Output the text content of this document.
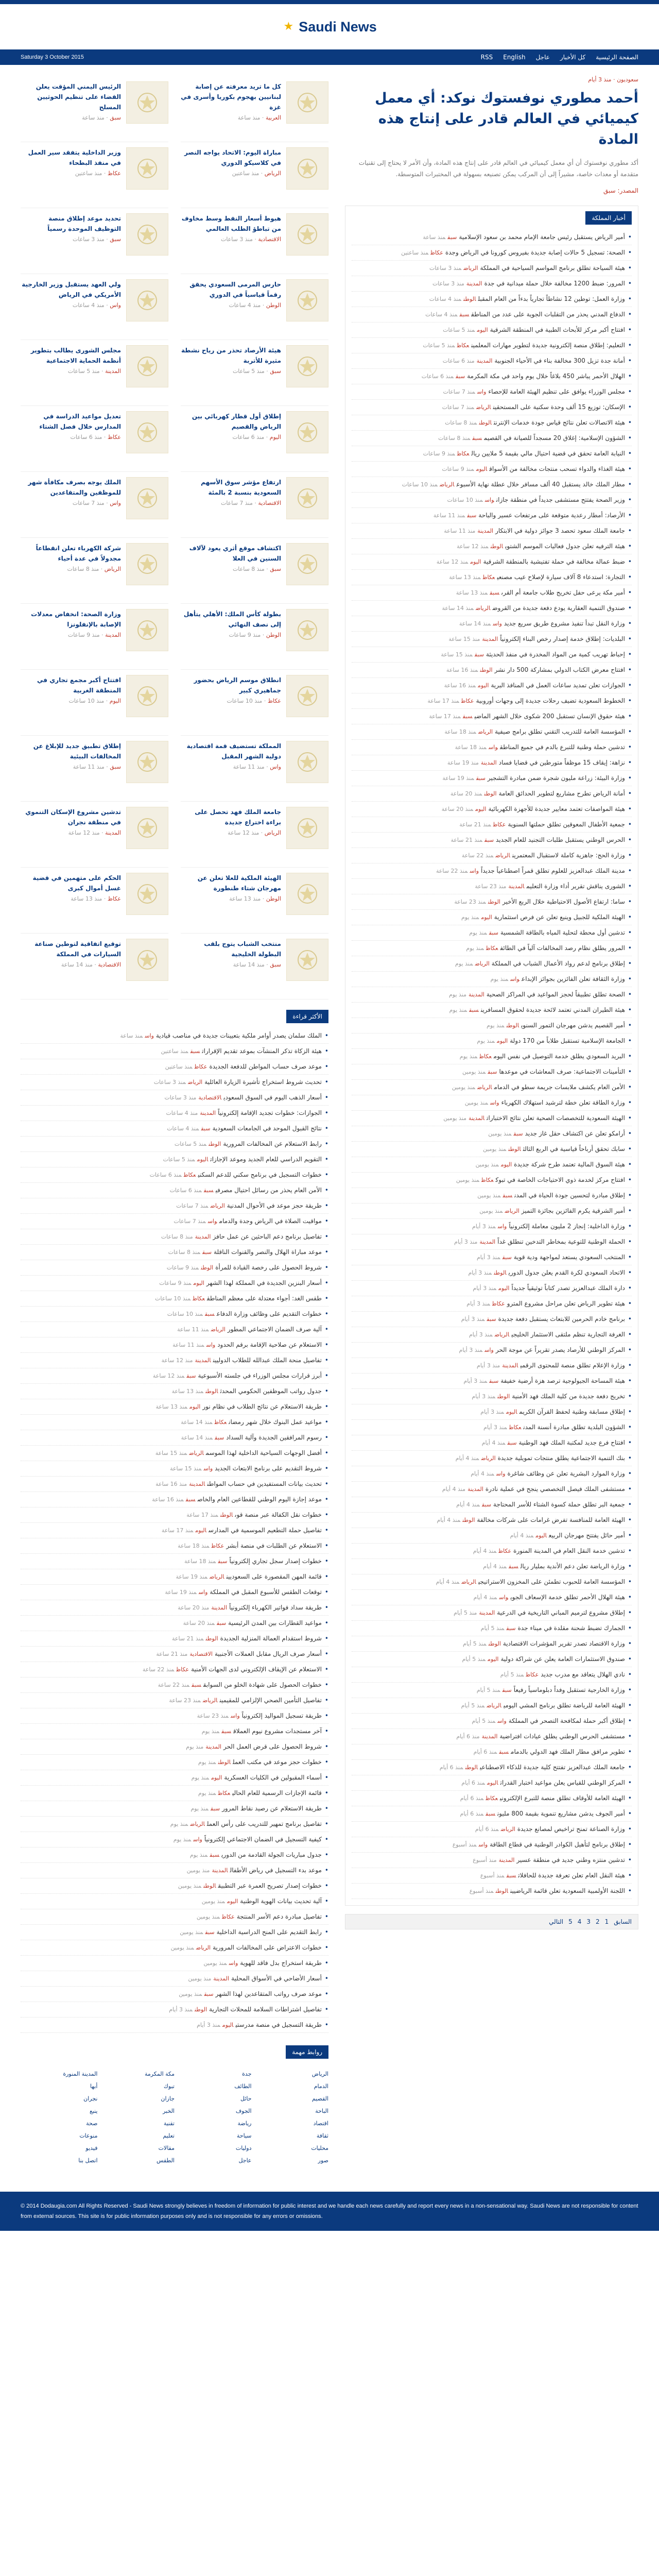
Saudi News
★
الصفحة الرئيسية
كل الأخبار
عاجل
English
RSS
Saturday 3 October 2015
سعوديون · منذ 3 أيام
أحمد مطوري نوفستوك نوكد: أي معمل كيميائي في العالم قادر على إنتاج هذه المادة

أكد مطوري نوفستوك أن أي معمل كيميائي في العالم قادر على إنتاج هذه المادة، وأن الأمر لا يحتاج إلى تقنيات متقدمة أو معدات خاصة، مشيراً إلى أن المركب يمكن تصنيعه بسهولة في المختبرات المتوسطة.

المصدر: سبق
أخبار المملكة
•أمير الرياض يستقبل رئيس جامعة الإمام محمد بن سعود الإسلاميةسبقمنذ ساعة
•الصحة: تسجيل 5 حالات إصابة جديدة بفيروس كورونا في الرياض وجدةعكاظمنذ ساعتين
•هيئة السياحة تطلق برنامج المواسم السياحية في المملكةالرياضمنذ 3 ساعات
•المرور: ضبط 1200 مخالفة خلال حملة ميدانية في جدةالمدينةمنذ 3 ساعات
•وزارة العمل: توطين 12 نشاطاً تجارياً بدءاً من العام المقبلالوطنمنذ 4 ساعات
•الدفاع المدني يحذر من التقلبات الجوية على عدد من المناطقسبقمنذ 4 ساعات
•افتتاح أكبر مركز للأبحاث الطبية في المنطقة الشرقيةاليوممنذ 5 ساعات
•التعليم: إطلاق منصة إلكترونية جديدة لتطوير مهارات المعلمينعكاظمنذ 5 ساعات
•أمانة جدة تزيل 300 مخالفة بناء في الأحياء الجنوبيةالمدينةمنذ 6 ساعات
•الهلال الأحمر يباشر 450 بلاغاً خلال يوم واحد في مكة المكرمةسبقمنذ 6 ساعات
•مجلس الوزراء يوافق على تنظيم الهيئة العامة للإحصاءواسمنذ 7 ساعات
•الإسكان: توزيع 15 ألف وحدة سكنية على المستحقينالرياضمنذ 7 ساعات
•هيئة الاتصالات تعلن نتائج قياس جودة خدمات الإنترنتالوطنمنذ 8 ساعات
•الشؤون الإسلامية: إغلاق 20 مسجداً للصيانة في القصيمسبقمنذ 8 ساعات
•النيابة العامة تحقق في قضية احتيال مالي بقيمة 5 ملايين ريالعكاظمنذ 9 ساعات
•هيئة الغذاء والدواء تسحب منتجات مخالفة من الأسواقاليوممنذ 9 ساعات
•مطار الملك خالد يستقبل 40 ألف مسافر خلال عطلة نهاية الأسبوعالرياضمنذ 10 ساعات
•وزير الصحة يفتتح مستشفى جديداً في منطقة جازانواسمنذ 10 ساعات
•الأرصاد: أمطار رعدية متوقعة على مرتفعات عسير والباحةسبقمنذ 11 ساعة
•جامعة الملك سعود تحصد 3 جوائز دولية في الابتكارالمدينةمنذ 11 ساعة
•هيئة الترفيه تعلن جدول فعاليات الموسم الشتويالوطنمنذ 12 ساعة
•ضبط عمالة مخالفة في حملة تفتيشية بالمنطقة الشرقيةاليوممنذ 12 ساعة
•التجارة: استدعاء 8 آلاف سيارة لإصلاح عيب مصنعيعكاظمنذ 13 ساعة
•أمير مكة يرعى حفل تخريج طلاب جامعة أم القرىسبقمنذ 13 ساعة
•صندوق التنمية العقارية يودع دفعة جديدة من القروضالرياضمنذ 14 ساعة
•وزارة النقل تبدأ تنفيذ مشروع طريق سريع جديدواسمنذ 14 ساعة
•البلديات: إطلاق خدمة إصدار رخص البناء إلكترونياًالمدينةمنذ 15 ساعة
•إحباط تهريب كمية من المواد المخدرة في منفذ الحديثةسبقمنذ 15 ساعة
•افتتاح معرض الكتاب الدولي بمشاركة 500 دار نشرالوطنمنذ 16 ساعة
•الجوازات تعلن تمديد ساعات العمل في المنافذ البريةاليوممنذ 16 ساعة
•الخطوط السعودية تضيف رحلات جديدة إلى وجهات أوروبيةعكاظمنذ 17 ساعة
•هيئة حقوق الإنسان تستقبل 200 شكوى خلال الشهر الماضيسبقمنذ 17 ساعة
•المؤسسة العامة للتدريب التقني تطلق برامج صيفيةالرياضمنذ 18 ساعة
•تدشين حملة وطنية للتبرع بالدم في جميع المناطقواسمنذ 18 ساعة
•نزاهة: إيقاف 15 موظفاً متورطين في قضايا فسادالمدينةمنذ 19 ساعة
•وزارة البيئة: زراعة مليون شجرة ضمن مبادرة التشجيرسبقمنذ 19 ساعة
•أمانة الرياض تطرح مشاريع لتطوير الحدائق العامةالوطنمنذ 20 ساعة
•هيئة المواصفات تعتمد معايير جديدة للأجهزة الكهربائيةاليوممنذ 20 ساعة
•جمعية الأطفال المعوقين تطلق حملتها السنويةعكاظمنذ 21 ساعة
•الحرس الوطني يستقبل طلبات التجنيد للعام الجديدسبقمنذ 21 ساعة
•وزارة الحج: جاهزية كاملة لاستقبال المعتمرينالرياضمنذ 22 ساعة
•مدينة الملك عبدالعزيز للعلوم تطلق قمراً اصطناعياً جديداًواسمنذ 22 ساعة
•الشورى يناقش تقرير أداء وزارة التعليمالمدينةمنذ 23 ساعة
•ساما: ارتفاع الأصول الاحتياطية خلال الربع الأخيرالوطنمنذ 23 ساعة
•الهيئة الملكية للجبيل وينبع تعلن عن فرص استثماريةاليوممنذ يوم
•تدشين أول محطة لتحلية المياه بالطاقة الشمسيةسبقمنذ يوم
•المرور يطلق نظام رصد المخالفات آلياً في الطائفعكاظمنذ يوم
•إطلاق برنامج لدعم رواد الأعمال الشباب في المملكةالرياضمنذ يوم
•وزارة الثقافة تعلن الفائزين بجوائز الإبداعواسمنذ يوم
•الصحة تطلق تطبيقاً لحجز المواعيد في المراكز الصحيةالمدينةمنذ يوم
•هيئة الطيران المدني تعتمد لائحة جديدة لحقوق المسافرينسبقمنذ يوم
•أمير القصيم يدشن مهرجان التمور السنويالوطنمنذ يوم
•الجامعة الإسلامية تستقبل طلاباً من 170 دولةاليوممنذ يوم
•البريد السعودي يطلق خدمة التوصيل في نفس اليومعكاظمنذ يوم
•التأمينات الاجتماعية: صرف المعاشات في موعدهاسبقمنذ يومين
•الأمن العام يكشف ملابسات جريمة سطو في الدمامالرياضمنذ يومين
•وزارة الطاقة تعلن خطة لترشيد استهلاك الكهرباءواسمنذ يومين
•الهيئة السعودية للتخصصات الصحية تعلن نتائج الاختباراتالمدينةمنذ يومين
•أرامكو تعلن عن اكتشاف حقل غاز جديدسبقمنذ يومين
•سابك تحقق أرباحاً قياسية في الربع الثالثالوطنمنذ يومين
•هيئة السوق المالية تعتمد طرح شركة جديدةاليوممنذ يومين
•افتتاح مركز لخدمة ذوي الاحتياجات الخاصة في تبوكعكاظمنذ يومين
•إطلاق مبادرة لتحسين جودة الحياة في المدنسبقمنذ يومين
•أمير الشرقية يكرم الفائزين بجائزة التميزالرياضمنذ يومين
•وزارة الداخلية: إنجاز 2 مليون معاملة إلكترونياًواسمنذ 3 أيام
•الحملة الوطنية للتوعية بمخاطر التدخين تنطلق غداًالمدينةمنذ 3 أيام
•المنتخب السعودي يستعد لمواجهة ودية قويةسبقمنذ 3 أيام
•الاتحاد السعودي لكرة القدم يعلن جدول الدوريالوطنمنذ 3 أيام
•دارة الملك عبدالعزيز تصدر كتاباً توثيقياً جديداًاليوممنذ 3 أيام
•هيئة تطوير الرياض تعلن مراحل مشروع المتروعكاظمنذ 3 أيام
•برنامج خادم الحرمين للابتعاث يستقبل دفعة جديدةسبقمنذ 3 أيام
•الغرفة التجارية تنظم ملتقى الاستثمار الخليجيالرياضمنذ 3 أيام
•المركز الوطني للأرصاد يصدر تقريراً عن موجة الحرواسمنذ 3 أيام
•وزارة الإعلام تطلق منصة للمحتوى الرقميالمدينةمنذ 3 أيام
•هيئة المساحة الجيولوجية ترصد هزة أرضية خفيفةسبقمنذ 3 أيام
•تخريج دفعة جديدة من كلية الملك فهد الأمنيةالوطنمنذ 3 أيام
•إطلاق مسابقة وطنية لحفظ القرآن الكريماليوممنذ 3 أيام
•الشؤون البلدية تطلق مبادرة أنسنة المدنعكاظمنذ 3 أيام
•افتتاح فرع جديد لمكتبة الملك فهد الوطنيةسبقمنذ 4 أيام
•بنك التنمية الاجتماعية يطلق منتجات تمويلية جديدةالرياضمنذ 4 أيام
•وزارة الموارد البشرية تعلن عن وظائف شاغرةواسمنذ 4 أيام
•مستشفى الملك فيصل التخصصي ينجح في عملية نادرةالمدينةمنذ 4 أيام
•جمعية البر تطلق حملة كسوة الشتاء للأسر المحتاجةسبقمنذ 4 أيام
•الهيئة العامة للمنافسة تفرض غرامات على شركات مخالفةالوطنمنذ 4 أيام
•أمير حائل يفتتح مهرجان الربيعاليوممنذ 4 أيام
•تدشين خدمة النقل العام في المدينة المنورةعكاظمنذ 4 أيام
•وزارة الرياضة تعلن دعم الأندية بمليار ريالسبقمنذ 4 أيام
•المؤسسة العامة للحبوب تطمئن على المخزون الاستراتيجيالرياضمنذ 4 أيام
•هيئة الهلال الأحمر تطلق خدمة الإسعاف الجويواسمنذ 4 أيام
•إطلاق مشروع لترميم المباني التاريخية في الدرعيةالمدينةمنذ 5 أيام
•الجمارك تضبط شحنة مقلدة في ميناء جدةسبقمنذ 5 أيام
•وزارة الاقتصاد تصدر تقرير المؤشرات الاقتصاديةالوطنمنذ 5 أيام
•صندوق الاستثمارات العامة يعلن عن شراكة دوليةاليوممنذ 5 أيام
•نادي الهلال يتعاقد مع مدرب جديدعكاظمنذ 5 أيام
•وزارة الخارجية تستقبل وفداً دبلوماسياً رفيعاًسبقمنذ 5 أيام
•الهيئة العامة للرياضة تطلق برنامج المشي اليوميالرياضمنذ 5 أيام
•إطلاق أكبر حملة لمكافحة التصحر في المملكةواسمنذ 5 أيام
•مستشفى الحرس الوطني يطلق عيادات افتراضيةالمدينةمنذ 6 أيام
•تطوير مرافق مطار الملك فهد الدولي بالدمامسبقمنذ 6 أيام
•جامعة الملك عبدالعزيز تفتتح كلية جديدة للذكاء الاصطناعيالوطنمنذ 6 أيام
•المركز الوطني للقياس يعلن مواعيد اختبار القدراتاليوممنذ 6 أيام
•الهيئة العامة للأوقاف تطلق منصة للتبرع الإلكترونيعكاظمنذ 6 أيام
•أمير الجوف يدشن مشاريع تنموية بقيمة 800 مليونسبقمنذ 6 أيام
•وزارة الصناعة تمنح تراخيص لمصانع جديدةالرياضمنذ 6 أيام
•إطلاق برنامج لتأهيل الكوادر الوطنية في قطاع الطاقةواسمنذ أسبوع
•تدشين منتزه وطني جديد في منطقة عسيرالمدينةمنذ أسبوع
•هيئة النقل العام تعلن تعرفة جديدة للحافلاتسبقمنذ أسبوع
•اللجنة الأولمبية السعودية تعلن قائمة الرياضيينالوطنمنذ أسبوع
السابق
1
2
3
4
5
التالي
كل ما تريد معرفته عن إصابة لبنانيين بهجوم بكوريا وأسرى في غزة
العربية · منذ ساعة
الرئيس اليمني المؤقت يعلن القضاء على تنظيم الحوثيين المسلح
سبق · منذ ساعة
مباراة اليوم: الاتحاد يواجه النصر في كلاسيكو الدوري
الرياض · منذ ساعتين
وزير الداخلية يتفقد سير العمل في منفذ البطحاء
عكاظ · منذ ساعتين
هبوط أسعار النفط وسط مخاوف من تباطؤ الطلب العالمي
الاقتصادية · منذ 3 ساعات
تحديد موعد إطلاق منصة التوظيف الموحدة رسمياً
سبق · منذ 3 ساعات
حارس المرمى السعودي يحقق رقماً قياسياً في الدوري
الوطن · منذ 4 ساعات
ولي العهد يستقبل وزير الخارجية الأمريكي في الرياض
واس · منذ 4 ساعات
هيئة الأرصاد تحذر من رياح نشطة مثيرة للأتربة
سبق · منذ 5 ساعات
مجلس الشورى يطالب بتطوير أنظمة الحماية الاجتماعية
المدينة · منذ 5 ساعات
إطلاق أول قطار كهربائي بين الرياض والقصيم
اليوم · منذ 6 ساعات
تعديل مواعيد الدراسة في المدارس خلال فصل الشتاء
عكاظ · منذ 6 ساعات
ارتفاع مؤشر سوق الأسهم السعودية بنسبة 2 بالمئة
الاقتصادية · منذ 7 ساعات
الملك يوجه بصرف مكافأة شهر للموظفين والمتقاعدين
واس · منذ 7 ساعات
اكتشاف موقع أثري يعود لآلاف السنين في العلا
سبق · منذ 8 ساعات
شركة الكهرباء تعلن انقطاعاً مجدولاً في عدة أحياء
الرياض · منذ 8 ساعات
بطولة كأس الملك: الأهلي يتأهل إلى نصف النهائي
الوطن · منذ 9 ساعات
وزارة الصحة: انخفاض معدلات الإصابة بالإنفلونزا
المدينة · منذ 9 ساعات
انطلاق موسم الرياض بحضور جماهيري كبير
عكاظ · منذ 10 ساعات
افتتاح أكبر مجمع تجاري في المنطقة الغربية
اليوم · منذ 10 ساعات
المملكة تستضيف قمة اقتصادية دولية الشهر المقبل
واس · منذ 11 ساعة
إطلاق تطبيق جديد للإبلاغ عن المخالفات البيئية
سبق · منذ 11 ساعة
جامعة الملك فهد تحصل على براءة اختراع جديدة
الرياض · منذ 12 ساعة
تدشين مشروع الإسكان التنموي في منطقة نجران
المدينة · منذ 12 ساعة
الهيئة الملكية للعلا تعلن عن مهرجان شتاء طنطورة
الوطن · منذ 13 ساعة
الحكم على متهمين في قضية غسل أموال كبرى
عكاظ · منذ 13 ساعة
منتخب الشباب يتوج بلقب البطولة الخليجية
سبق · منذ 14 ساعة
توقيع اتفاقية لتوطين صناعة السيارات في المملكة
الاقتصادية · منذ 14 ساعة
الأكثر قراءة
•الملك سلمان يصدر أوامر ملكية بتعيينات جديدة في مناصب قياديةواسمنذ ساعة
•هيئة الزكاة تذكر المنشآت بموعد تقديم الإقراراتسبقمنذ ساعتين
•موعد صرف حساب المواطن للدفعة الجديدةعكاظمنذ ساعتين
•تحديث شروط استخراج تأشيرة الزيارة العائليةالرياضمنذ 3 ساعات
•أسعار الذهب اليوم في السوق السعوديالاقتصاديةمنذ 3 ساعات
•الجوازات: خطوات تجديد الإقامة إلكترونياًالمدينةمنذ 4 ساعات
•نتائج القبول الموحد في الجامعات السعوديةسبقمنذ 4 ساعات
•رابط الاستعلام عن المخالفات المروريةالوطنمنذ 5 ساعات
•التقويم الدراسي للعام الجديد وموعد الإجازاتاليوممنذ 5 ساعات
•خطوات التسجيل في برنامج سكني للدعم السكنيعكاظمنذ 6 ساعات
•الأمن العام يحذر من رسائل احتيال مصرفيسبقمنذ 6 ساعات
•طريقة حجز موعد في الأحوال المدنيةالرياضمنذ 7 ساعات
•مواقيت الصلاة في الرياض وجدة والدمامواسمنذ 7 ساعات
•تفاصيل برنامج دعم الباحثين عن عمل حافزالمدينةمنذ 8 ساعات
•موعد مباراة الهلال والنصر والقنوات الناقلةسبقمنذ 8 ساعات
•شروط الحصول على رخصة القيادة للمرأةالوطنمنذ 9 ساعات
•أسعار البنزين الجديدة في المملكة لهذا الشهراليوممنذ 9 ساعات
•طقس الغد: أجواء معتدلة على معظم المناطقعكاظمنذ 10 ساعات
•خطوات التقديم على وظائف وزارة الدفاعسبقمنذ 10 ساعات
•آلية صرف الضمان الاجتماعي المطورالرياضمنذ 11 ساعة
•الاستعلام عن صلاحية الإقامة برقم الحدودواسمنذ 11 ساعة
•تفاصيل منحة الملك عبدالله للطلاب الدوليينالمدينةمنذ 12 ساعة
•أبرز قرارات مجلس الوزراء في جلسته الأسبوعيةسبقمنذ 12 ساعة
•جدول رواتب الموظفين الحكومي المحدثالوطنمنذ 13 ساعة
•طريقة الاستعلام عن نتائج الطلاب في نظام نوراليوممنذ 13 ساعة
•مواعيد عمل البنوك خلال شهر رمضانعكاظمنذ 14 ساعة
•رسوم المرافقين الجديدة وآلية السدادسبقمنذ 14 ساعة
•أفضل الوجهات السياحية الداخلية لهذا الموسمالرياضمنذ 15 ساعة
•شروط التقديم على برنامج الابتعاث الجديدواسمنذ 15 ساعة
•تحديث بيانات المستفيدين في حساب المواطنالمدينةمنذ 16 ساعة
•موعد إجازة اليوم الوطني للقطاعين العام والخاصسبقمنذ 16 ساعة
•خطوات نقل الكفالة عبر منصة قوىالوطنمنذ 17 ساعة
•تفاصيل حملة التطعيم الموسمية في المدارساليوممنذ 17 ساعة
•الاستعلام عن الطلبات في منصة أبشرعكاظمنذ 18 ساعة
•خطوات إصدار سجل تجاري إلكترونياًسبقمنذ 18 ساعة
•قائمة المهن المقصورة على السعوديينالرياضمنذ 19 ساعة
•توقعات الطقس للأسبوع المقبل في المملكةواسمنذ 19 ساعة
•طريقة سداد فواتير الكهرباء إلكترونياًالمدينةمنذ 20 ساعة
•مواعيد القطارات بين المدن الرئيسيةسبقمنذ 20 ساعة
•شروط استقدام العمالة المنزلية الجديدةالوطنمنذ 21 ساعة
•أسعار صرف الريال مقابل العملات الأجنبيةالاقتصاديةمنذ 21 ساعة
•الاستعلام عن الإيقاف الإلكتروني لدى الجهات الأمنيةعكاظمنذ 22 ساعة
•خطوات الحصول على شهادة الخلو من السوابقسبقمنذ 22 ساعة
•تفاصيل التأمين الصحي الإلزامي للمقيمينالرياضمنذ 23 ساعة
•طريقة تسجيل المواليد إلكترونياًواسمنذ 23 ساعة
•آخر مستجدات مشروع نيوم العملاقسبقمنذ يوم
•شروط الحصول على قرض العمل الحرالمدينةمنذ يوم
•خطوات حجز موعد في مكتب العملالوطنمنذ يوم
•أسماء المقبولين في الكليات العسكريةاليوممنذ يوم
•قائمة الإجازات الرسمية للعام الحاليعكاظمنذ يوم
•طريقة الاستعلام عن رصيد نقاط المرورسبقمنذ يوم
•تفاصيل برنامج تمهير للتدريب على رأس العملالرياضمنذ يوم
•كيفية التسجيل في الضمان الاجتماعي إلكترونياًواسمنذ يوم
•جدول مباريات الجولة القادمة من الدوريسبقمنذ يوم
•موعد بدء التسجيل في رياض الأطفالالمدينةمنذ يومين
•خطوات إصدار تصريح العمرة عبر التطبيقالوطنمنذ يومين
•آلية تحديث بيانات الهوية الوطنيةاليوممنذ يومين
•تفاصيل مبادرة دعم الأسر المنتجةعكاظمنذ يومين
•رابط التقديم على المنح الدراسية الداخليةسبقمنذ يومين
•خطوات الاعتراض على المخالفات المروريةالرياضمنذ يومين
•طريقة استخراج بدل فاقد للهويةواسمنذ يومين
•أسعار الأضاحي في الأسواق المحليةالمدينةمنذ يومين
•موعد صرف رواتب المتقاعدين لهذا الشهرسبقمنذ يومين
•تفاصيل اشتراطات السلامة للمحلات التجاريةالوطنمنذ 3 أيام
•طريقة التسجيل في منصة مدرستياليوممنذ 3 أيام
روابط مهمة
الرياض
جدة
مكة المكرمة
المدينة المنورة
الدمام
الطائف
تبوك
أبها
القصيم
حائل
جازان
نجران
الباحة
الجوف
الخبر
ينبع
اقتصاد
رياضة
تقنية
صحة
ثقافة
سياحة
تعليم
منوعات
محليات
دوليات
مقالات
فيديو
صور
عاجل
الطقس
اتصل بنا
© 2014 Dodaugia.com All Rights Reserved - Saudi News strongly believes in freedom of information for public interest and we handle each news carefully and report every news in a non-sensational way. Saudi News are not responsible for content from external sources. This site is for public information purposes only and is not responsible for any errors or omissions.
